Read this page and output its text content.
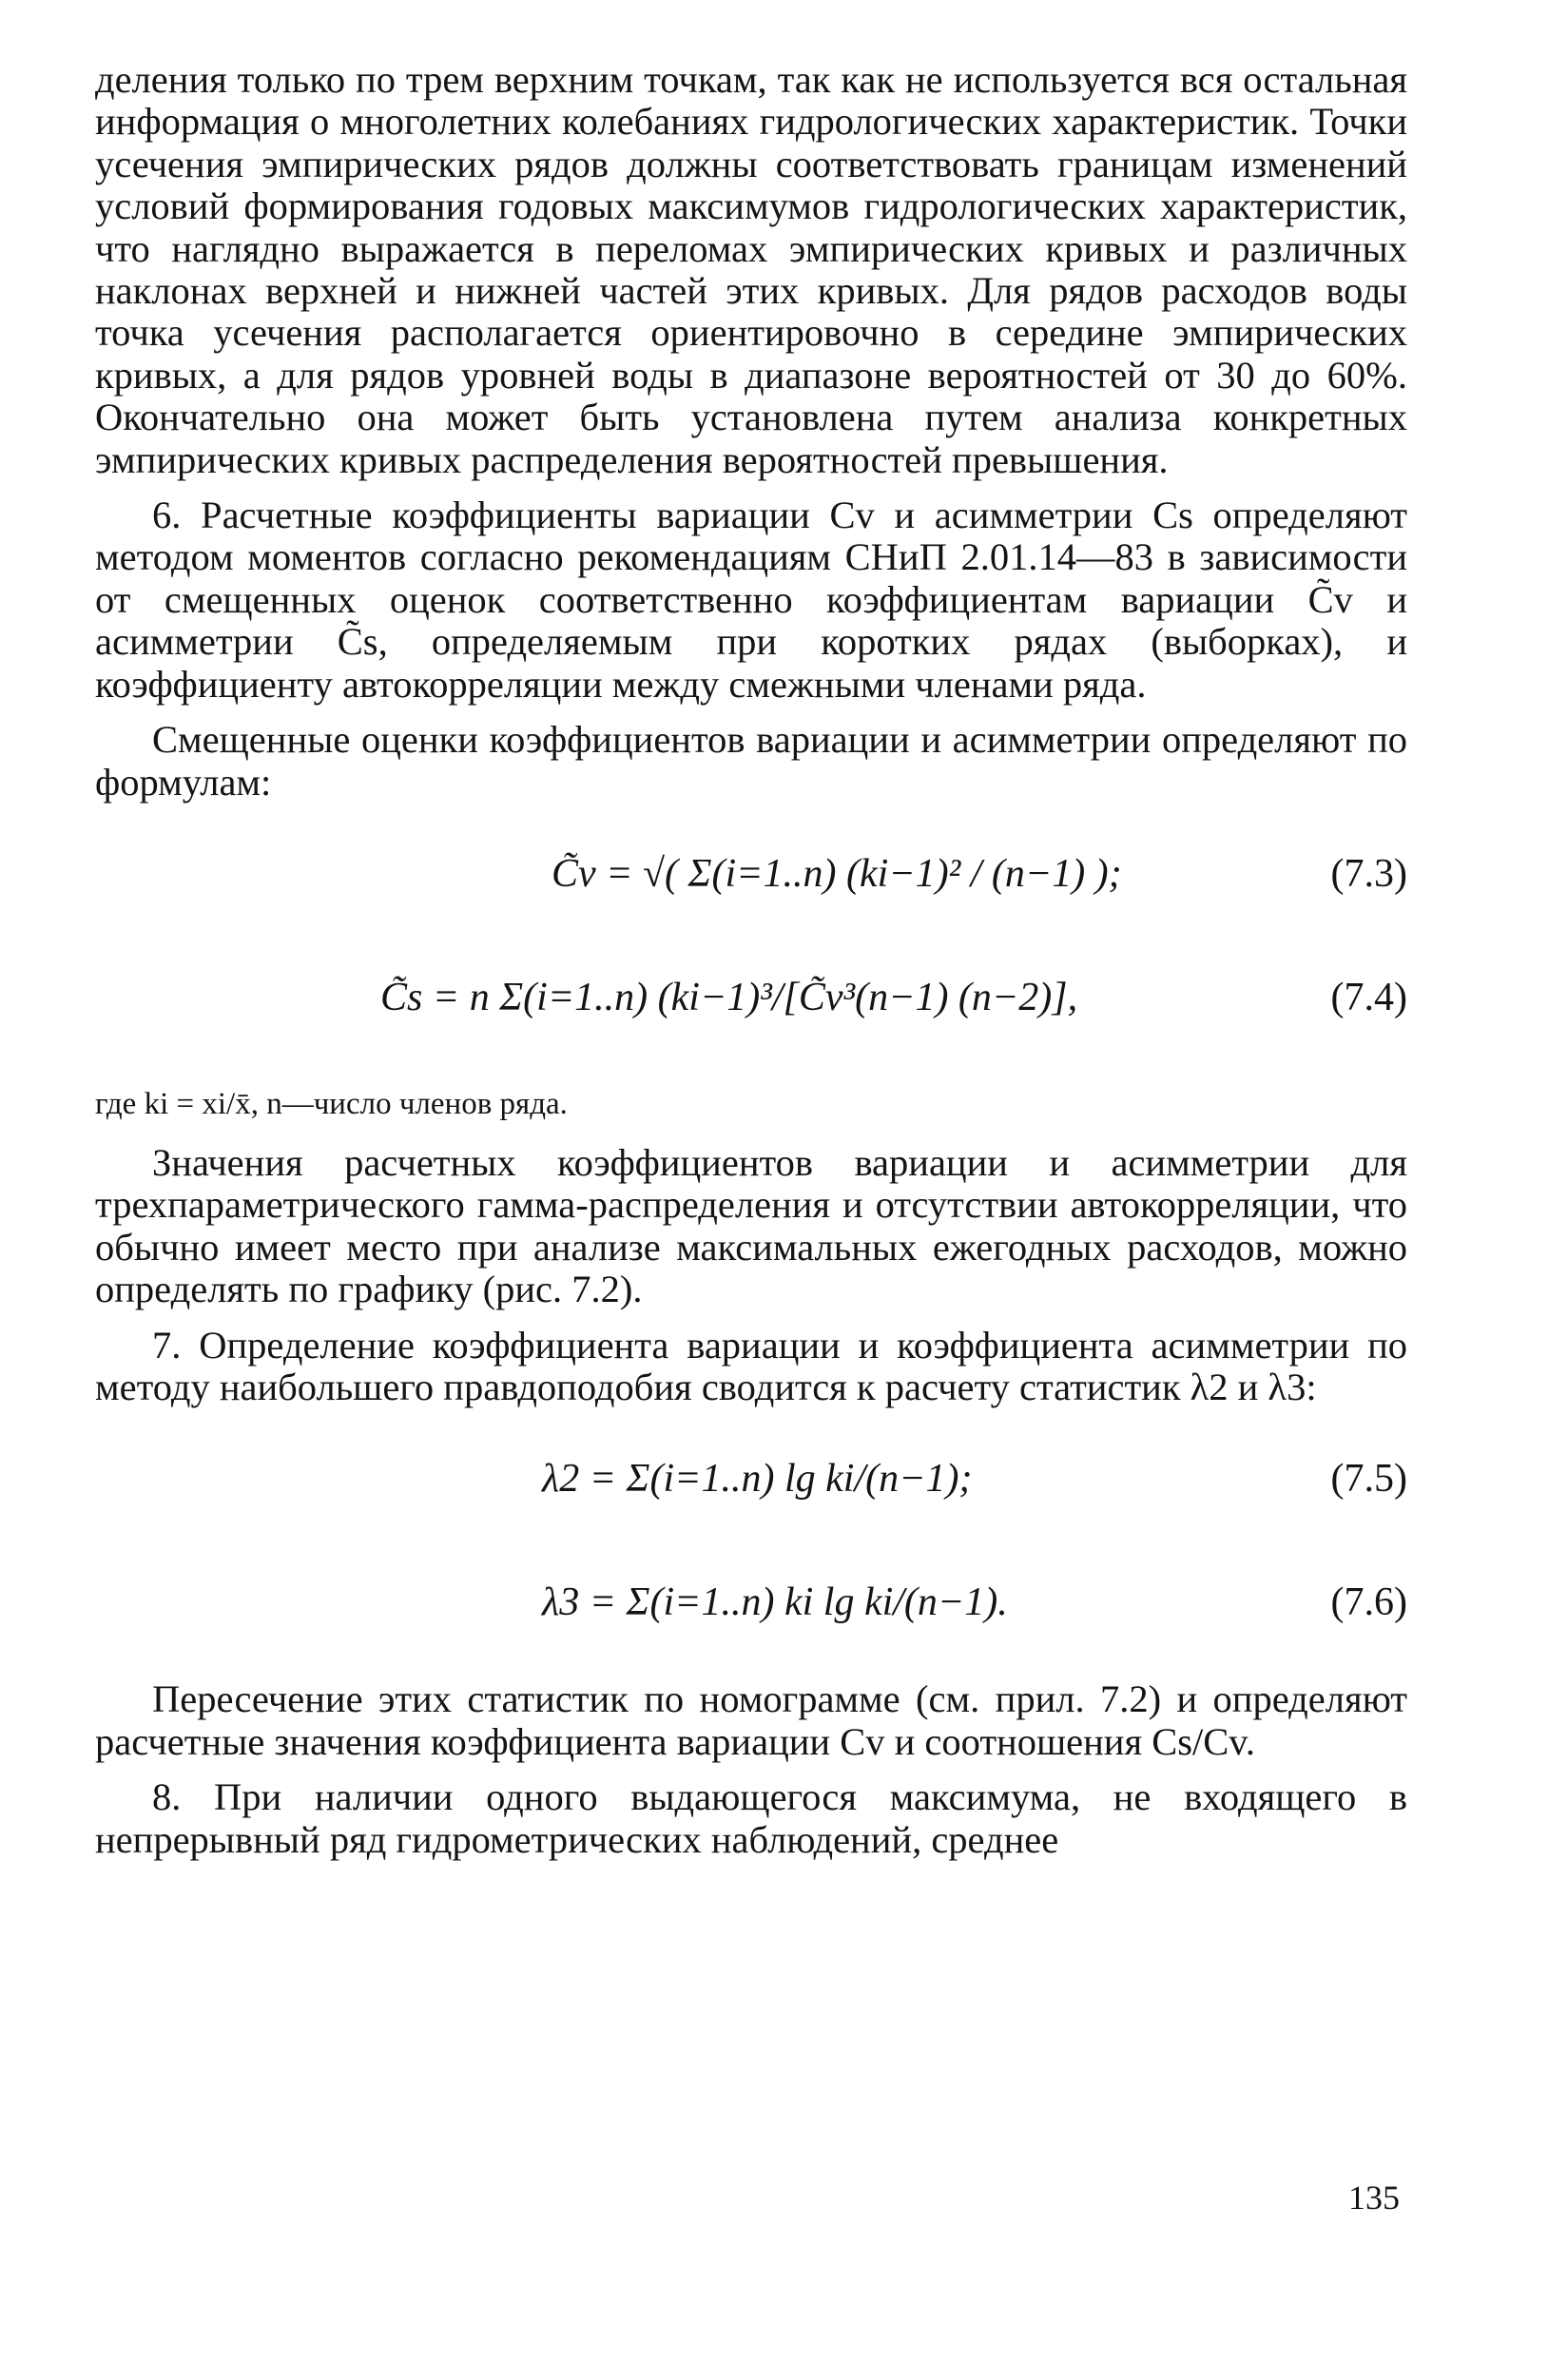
деления только по трем верхним точкам, так как не используется вся остальная информация о многолетних колебаниях гидрологических характеристик. Точки усечения эмпирических рядов должны соответствовать границам изменений условий формирования годовых максимумов гидрологических характеристик, что наглядно выражается в переломах эмпирических кривых и различных наклонах верхней и нижней частей этих кривых. Для рядов расходов воды точка усечения располагается ориентировочно в середине эмпирических кривых, а для рядов уровней воды в диапазоне вероятностей от 30 до 60%. Окончательно она может быть установлена путем анализа конкретных эмпирических кривых распределения вероятностей превышения.

6. Расчетные коэффициенты вариации Cv и асимметрии Cs определяют методом моментов согласно рекомендациям СНиП 2.01.14—83 в зависимости от смещенных оценок соответственно коэффициентам вариации C̃v и асимметрии C̃s, определяемым при коротких рядах (выборках), и коэффициенту автокорреляции между смежными членами ряда.

Смещенные оценки коэффициентов вариации и асимметрии определяют по формулам:

C̃v = √( Σ(i=1..n) (ki−1)² / (n−1) );	(7.3)
C̃s = n Σ(i=1..n) (ki−1)³/[C̃v³(n−1) (n−2)],	(7.4)

где ki = xi/x̄, n—число членов ряда.

Значения расчетных коэффициентов вариации и асимметрии для трехпараметрического гамма-распределения и отсутствии автокорреляции, что обычно имеет место при анализе максимальных ежегодных расходов, можно определять по графику (рис. 7.2).

7. Определение коэффициента вариации и коэффициента асимметрии по методу наибольшего правдоподобия сводится к расчету статистик λ2 и λ3:

λ2 = Σ(i=1..n) lg ki/(n−1);	(7.5)
λ3 = Σ(i=1..n) ki lg ki/(n−1).	(7.6)

Пересечение этих статистик по номограмме (см. прил. 7.2) и определяют расчетные значения коэффициента вариации Cv и соотношения Cs/Cv.

8. При наличии одного выдающегося максимума, не входящего в непрерывный ряд гидрометрических наблюдений, среднее

135
